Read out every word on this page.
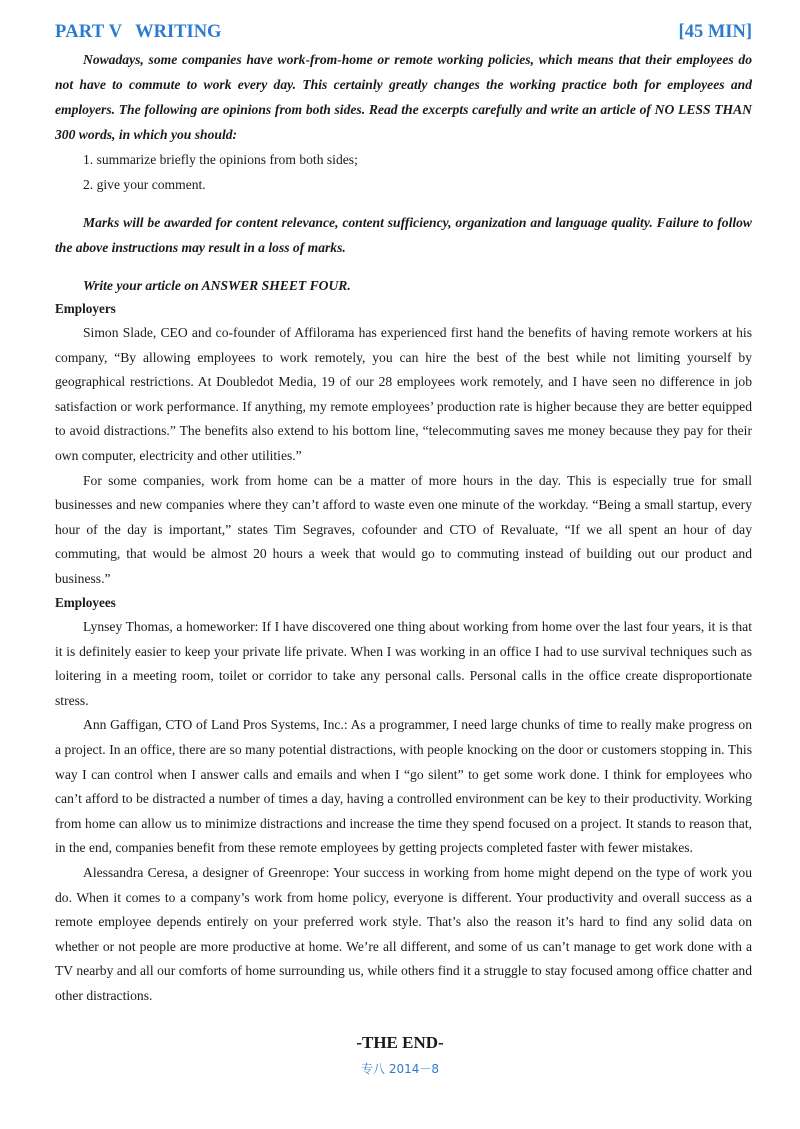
PART V WRITING	[45 MIN]

Nowadays, some companies have work-from-home or remote working policies, which means that their employees do not have to commute to work every day. This certainly greatly changes the working practice both for employees and employers. The following are opinions from both sides. Read the excerpts carefully and write an article of NO LESS THAN 300 words, in which you should:

1. summarize briefly the opinions from both sides;
2. give your comment.

Marks will be awarded for content relevance, content sufficiency, organization and language quality. Failure to follow the above instructions may result in a loss of marks.

Write your article on ANSWER SHEET FOUR.

Employers

Simon Slade, CEO and co-founder of Affilorama has experienced first hand the benefits of having remote workers at his company, “By allowing employees to work remotely, you can hire the best of the best while not limiting yourself by geographical restrictions. At Doubledot Media, 19 of our 28 employees work remotely, and I have seen no difference in job satisfaction or work performance. If anything, my remote employees’ production rate is higher because they are better equipped to avoid distractions.” The benefits also extend to his bottom line, “telecommuting saves me money because they pay for their own computer, electricity and other utilities.”

For some companies, work from home can be a matter of more hours in the day. This is especially true for small businesses and new companies where they can’t afford to waste even one minute of the workday. “Being a small startup, every hour of the day is important,” states Tim Segraves, cofounder and CTO of Revaluate, “If we all spent an hour of day commuting, that would be almost 20 hours a week that would go to commuting instead of building out our product and business.”

Employees

Lynsey Thomas, a homeworker: If I have discovered one thing about working from home over the last four years, it is that it is definitely easier to keep your private life private. When I was working in an office I had to use survival techniques such as loitering in a meeting room, toilet or corridor to take any personal calls. Personal calls in the office create disproportionate stress.

Ann Gaffigan, CTO of Land Pros Systems, Inc.: As a programmer, I need large chunks of time to really make progress on a project. In an office, there are so many potential distractions, with people knocking on the door or customers stopping in. This way I can control when I answer calls and emails and when I “go silent” to get some work done. I think for employees who can’t afford to be distracted a number of times a day, having a controlled environment can be key to their productivity. Working from home can allow us to minimize distractions and increase the time they spend focused on a project. It stands to reason that, in the end, companies benefit from these remote employees by getting projects completed faster with fewer mistakes.

Alessandra Ceresa, a designer of Greenrope: Your success in working from home might depend on the type of work you do. When it comes to a company’s work from home policy, everyone is different. Your productivity and overall success as a remote employee depends entirely on your preferred work style. That’s also the reason it’s hard to find any solid data on whether or not people are more productive at home. We’re all different, and some of us can’t manage to get work done with a TV nearby and all our comforts of home surrounding us, while others find it a struggle to stay focused among office chatter and other distractions.

-THE END-
专八 2014－8
